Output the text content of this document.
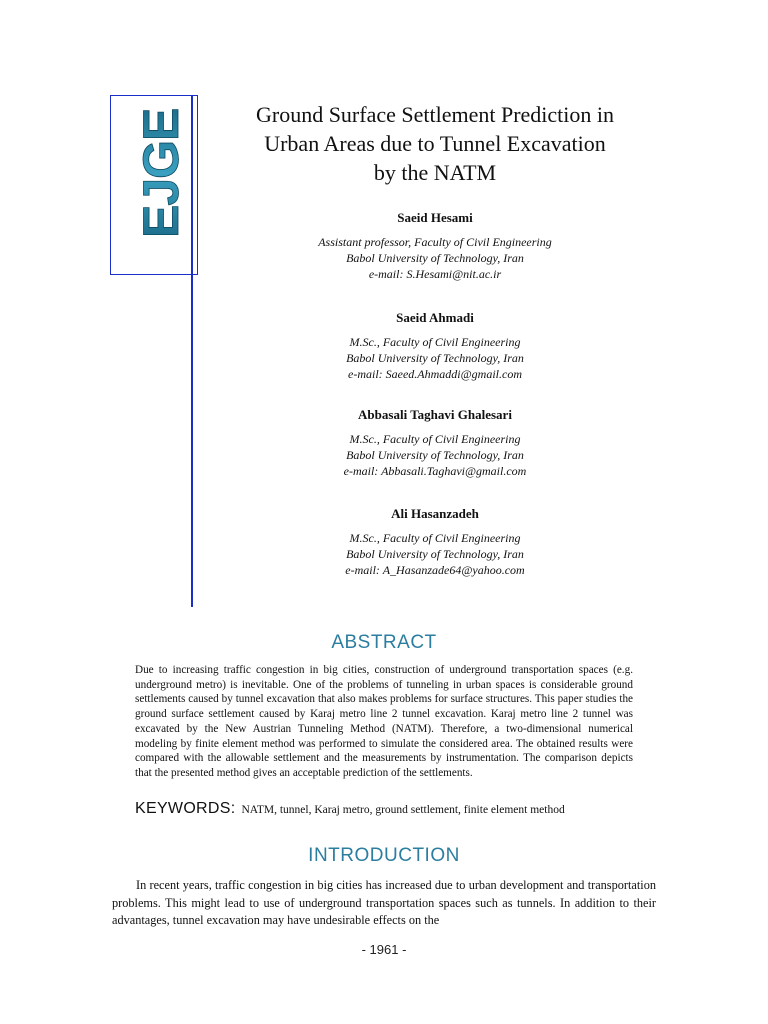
EJGE	Ground Surface Settlement Prediction in
Urban Areas due to Tunnel Excavation
by the NATM
Saeid Hesami
Assistant professor, Faculty of Civil Engineering
Babol University of Technology, Iran
e-mail: S.Hesami@nit.ac.ir
Saeid Ahmadi
M.Sc., Faculty of Civil Engineering
Babol University of Technology, Iran
e-mail: Saeed.Ahmaddi@gmail.com
Abbasali Taghavi Ghalesari
M.Sc., Faculty of Civil Engineering
Babol University of Technology, Iran
e-mail: Abbasali.Taghavi@gmail.com
Ali Hasanzadeh
M.Sc., Faculty of Civil Engineering
Babol University of Technology, Iran
e-mail: A_Hasanzade64@yahoo.com
ABSTRACT
Due to increasing traffic congestion in big cities, construction of underground transportation spaces (e.g. underground metro) is inevitable. One of the problems of tunneling in urban spaces is considerable ground settlements caused by tunnel excavation that also makes problems for surface structures. This paper studies the ground surface settlement caused by Karaj metro line 2 tunnel excavation. Karaj metro line 2 tunnel was excavated by the New Austrian Tunneling Method (NATM). Therefore, a two-dimensional numerical modeling by finite element method was performed to simulate the considered area. The obtained results were compared with the allowable settlement and the measurements by instrumentation. The comparison depicts that the presented method gives an acceptable prediction of the settlements.
KEYWORDS: NATM, tunnel, Karaj metro, ground settlement, finite element method
INTRODUCTION
In recent years, traffic congestion in big cities has increased due to urban development and transportation problems. This might lead to use of underground transportation spaces such as tunnels. In addition to their advantages, tunnel excavation may have undesirable effects on the
- 1961 -
